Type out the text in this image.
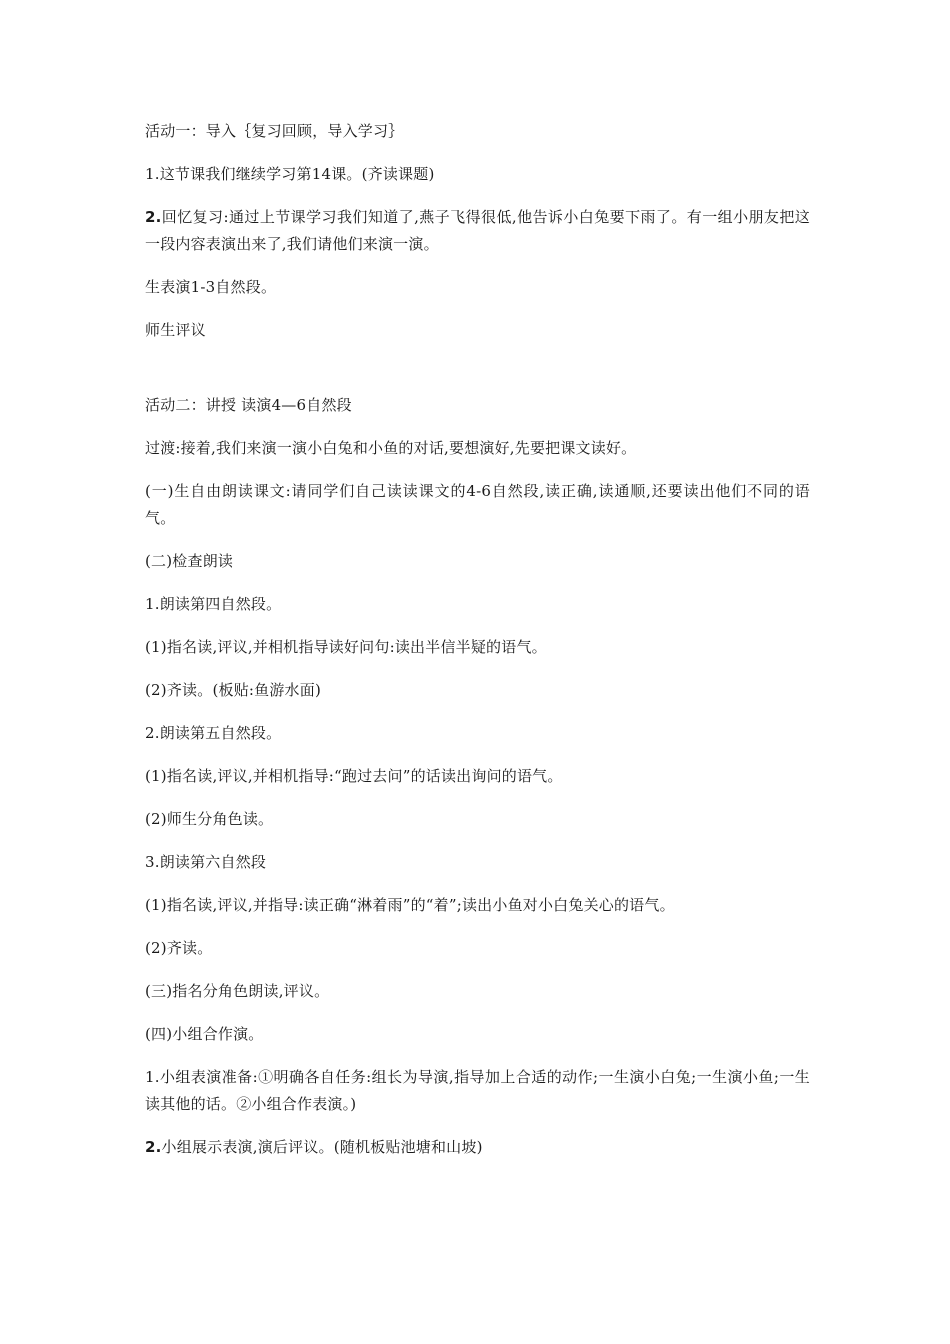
活动一：导入｛复习回顾，导入学习｝

1.这节课我们继续学习第14课。(齐读课题)

2.回忆复习:通过上节课学习我们知道了,燕子飞得很低,他告诉小白兔要下雨了。有一组小朋友把这一段内容表演出来了,我们请他们来演一演。

生表演1-3自然段。

师生评议

活动二：讲授 读演4—6自然段

过渡:接着,我们来演一演小白兔和小鱼的对话,要想演好,先要把课文读好。

(一)生自由朗读课文:请同学们自己读读课文的4-6自然段,读正确,读通顺,还要读出他们不同的语气。

(二)检查朗读

1.朗读第四自然段。

(1)指名读,评议,并相机指导读好问句:读出半信半疑的语气。

(2)齐读。(板贴:鱼游水面)

2.朗读第五自然段。

(1)指名读,评议,并相机指导:“跑过去问”的话读出询问的语气。

(2)师生分角色读。

3.朗读第六自然段

(1)指名读,评议,并指导:读正确“淋着雨”的“着”;读出小鱼对小白兔关心的语气。

(2)齐读。

(三)指名分角色朗读,评议。

(四)小组合作演。

1.小组表演准备:①明确各自任务:组长为导演,指导加上合适的动作;一生演小白兔;一生演小鱼;一生读其他的话。②小组合作表演。)

2.小组展示表演,演后评议。(随机板贴池塘和山坡)
